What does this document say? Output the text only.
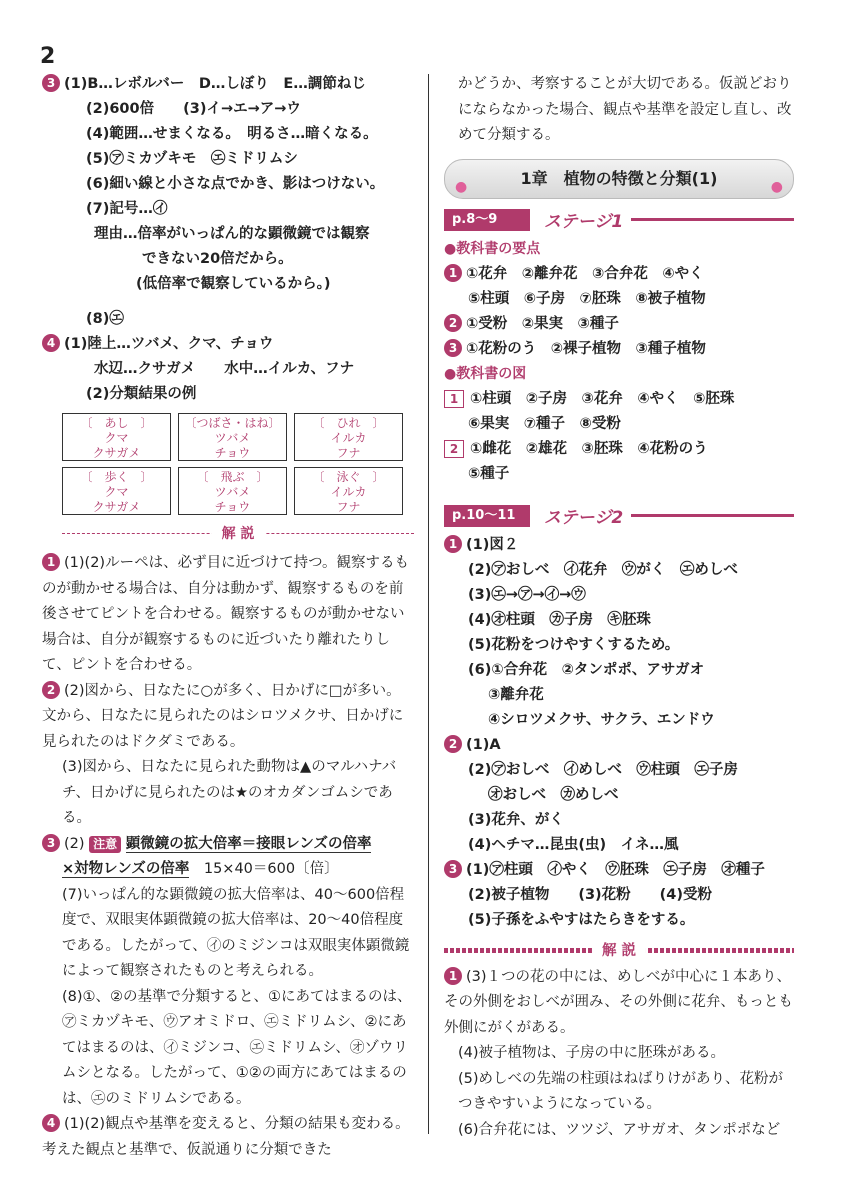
2
3 (1)B…レボルバー　D…しぼり　E…調節ねじ
(2)600倍　　(3)イ→エ→ア→ウ
(4)範囲…せまくなる。　明るさ…暗くなる。
(5)㋐ミカヅキモ　㋓ミドリムシ
(6)細い線と小さな点でかき、影はつけない。
(7)記号…㋑
理由…倍率がいっぱん的な顕微鏡では観察
できない20倍だから。
(低倍率で観察しているから。)
(8)㋓
4 (1)陸上…ツバメ、クマ、チョウ
水辺…クサガメ　　水中…イルカ、フナ
(2)分類結果の例
〔　あし　〕
クマ
クサガメ
〔つばさ・はね〕
ツバメ
チョウ
〔　ひれ　〕
イルカ
フナ
〔　歩く　〕
クマ
クサガメ
〔　飛ぶ　〕
ツバメ
チョウ
〔　泳ぐ　〕
イルカ
フナ
解 説
1 (1)(2)ルーペは、必ず目に近づけて持つ。観察するものが動かせる場合は、自分は動かず、観察するものを前後させてピントを合わせる。観察するものが動かせない場合は、自分が観察するものに近づいたり離れたりして、ピントを合わせる。
2 (2)図から、日なたに○が多く、日かげに□が多い。文から、日なたに見られたのはシロツメクサ、日かげに見られたのはドクダミである。
(3)図から、日なたに見られた動物は▲のマルハナバチ、日かげに見られたのは★のオカダンゴムシである。
3 (2) 注意 顕微鏡の拡大倍率＝接眼レンズの倍率
×対物レンズの倍率　15×40＝600〔倍〕
(7)いっぱん的な顕微鏡の拡大倍率は、40〜600倍程度で、双眼実体顕微鏡の拡大倍率は、20〜40倍程度である。したがって、㋑のミジンコは双眼実体顕微鏡によって観察されたものと考えられる。
(8)①、②の基準で分類すると、①にあてはまるのは、㋐ミカヅキモ、㋒アオミドロ、㋓ミドリムシ、②にあてはまるのは、㋑ミジンコ、㋓ミドリムシ、㋔ゾウリムシとなる。したがって、①②の両方にあてはまるのは、㋓のミドリムシである。
4 (1)(2)観点や基準を変えると、分類の結果も変わる。考えた観点と基準で、仮説通りに分類できた
かどうか、考察することが大切である。仮説どおりにならなかった場合、観点や基準を設定し直し、改めて分類する。
●	1章　植物の特徴と分類(1)	●
p.8〜9	ステージ1
●教科書の要点
1 ①花弁　②離弁花　③合弁花　④やく
⑤柱頭　⑥子房　⑦胚珠　⑧被子植物
2 ①受粉　②果実　③種子
3 ①花粉のう　②裸子植物　③種子植物
●教科書の図
1 ①柱頭　②子房　③花弁　④やく　⑤胚珠
⑥果実　⑦種子　⑧受粉
2 ①雌花　②雄花　③胚珠　④花粉のう
⑤種子
p.10〜11	ステージ2
1 (1)図２
(2)㋐おしべ　㋑花弁　㋒がく　㋓めしべ
(3)㋓→㋐→㋑→㋒
(4)㋔柱頭　㋕子房　㋖胚珠
(5)花粉をつけやすくするため。
(6)①合弁花　②タンポポ、アサガオ
③離弁花
④シロツメクサ、サクラ、エンドウ
2 (1)A
(2)㋐おしべ　㋑めしべ　㋒柱頭　㋓子房
㋔おしべ　㋕めしべ
(3)花弁、がく
(4)ヘチマ…昆虫(虫)　イネ…風
3 (1)㋐柱頭　㋑やく　㋒胚珠　㋓子房　㋔種子
(2)被子植物　　(3)花粉　　(4)受粉
(5)子孫をふやすはたらきをする。
解 説
1 (3)１つの花の中には、めしべが中心に１本あり、その外側をおしべが囲み、その外側に花弁、もっとも外側にがくがある。
(4)被子植物は、子房の中に胚珠がある。
(5)めしべの先端の柱頭はねばりけがあり、花粉がつきやすいようになっている。
(6)合弁花には、ツツジ、アサガオ、タンポポなど
